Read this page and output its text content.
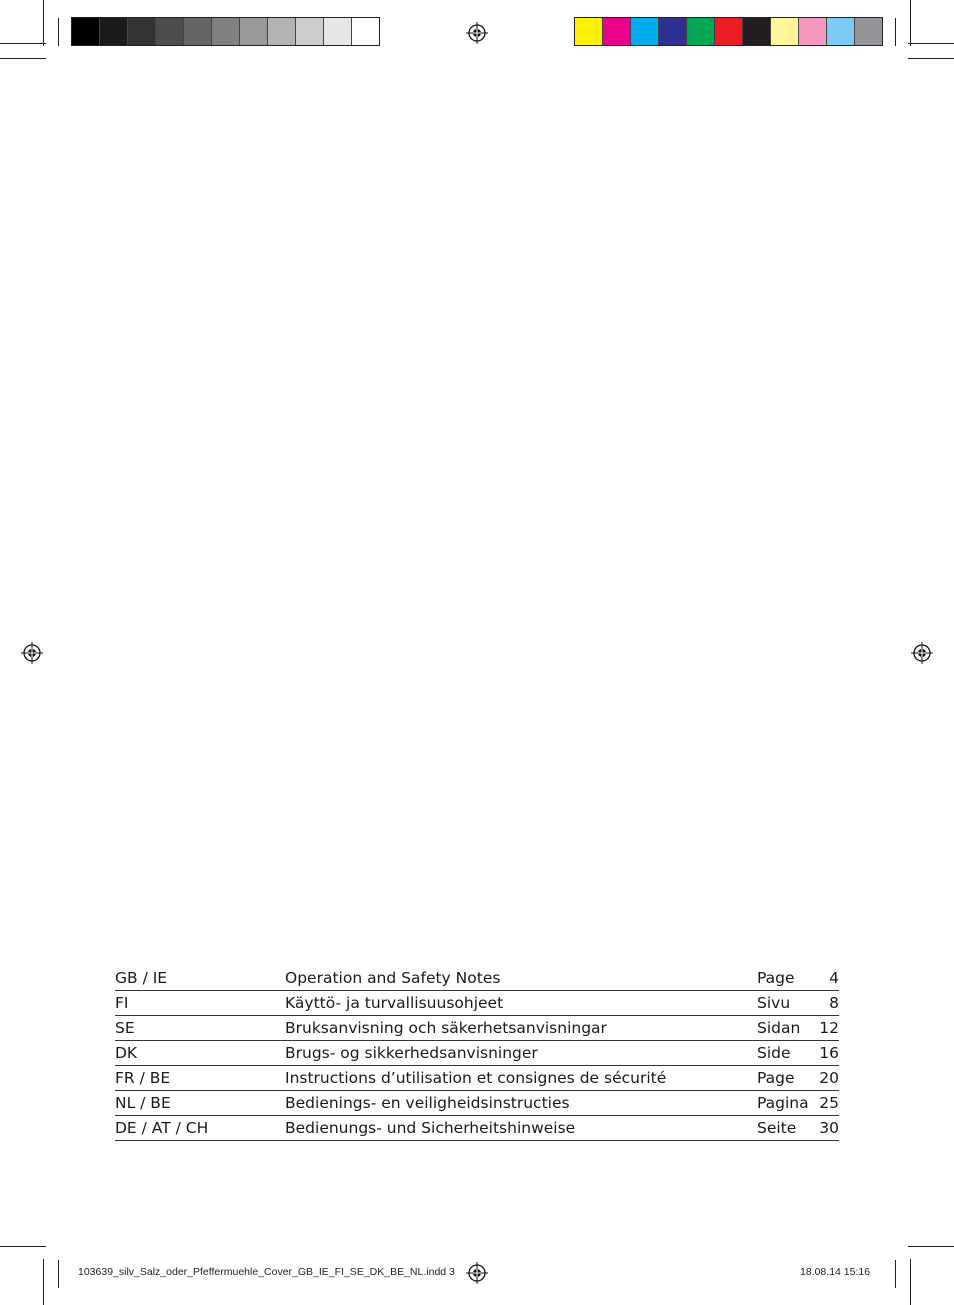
GB / IE	Operation and Safety Notes	Page	4
FI	Käyttö- ja turvallisuusohjeet	Sivu	8
SE	Bruksanvisning och säkerhetsanvisningar	Sidan	12
DK	Brugs- og sikkerhedsanvisninger	Side	16
FR / BE	Instructions d’utilisation et consignes de sécurité	Page	20
NL / BE	Bedienings- en veiligheidsinstructies	Pagina 25
DE / AT / CH	Bedienungs- und Sicherheitshinweise	Seite	30
103639_silv_Salz_oder_Pfeffermuehle_Cover_GB_IE_FI_SE_DK_BE_NL.indd 3	18.08.14 15:16
